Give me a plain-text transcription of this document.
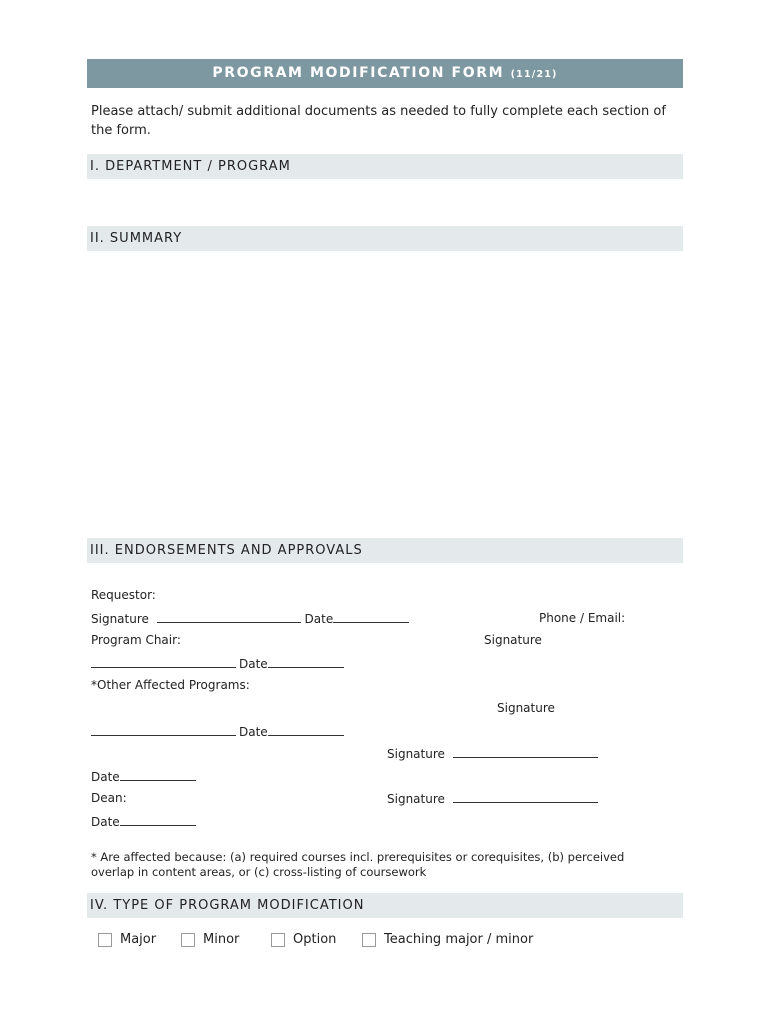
PROGRAM MODIFICATION FORM (11/21)
Please attach/ submit additional documents as needed to fully complete each section of the form.
I. DEPARTMENT / PROGRAM
II. SUMMARY
III. ENDORSEMENTS AND APPROVALS
Requestor:
Signature	Date	Phone / Email:
Program Chair:	Signature
Date
*Other Affected Programs:
Signature
Date
Signature
Date
Dean:	Signature
Date
* Are affected because: (a) required courses incl. prerequisites or corequisites, (b) perceived overlap in content areas, or (c) cross-listing of coursework
IV. TYPE OF PROGRAM MODIFICATION
Major	Minor	Option	Teaching major / minor
